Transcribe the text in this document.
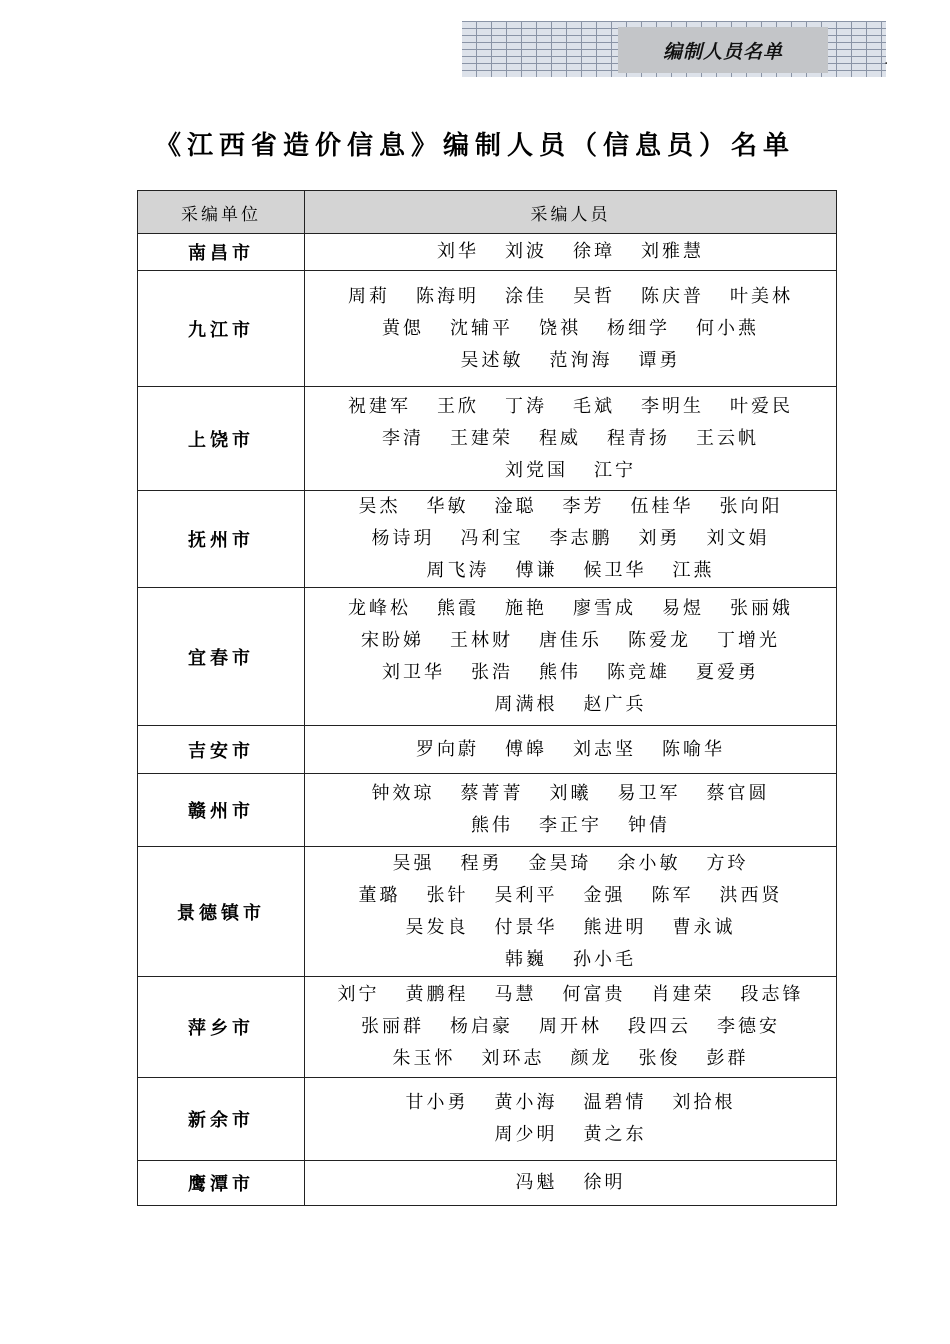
编制人员名单	.
《江西省造价信息》编制人员（信息员）名单
采编单位	采编人员
南昌市	刘华 刘波 徐璋 刘雅慧

九江市	周莉 陈海明 涂佳 吴哲 陈庆普 叶美林
黄偲 沈辅平 饶祺 杨细学 何小燕
吴述敏 范洵海 谭勇

上饶市	祝建军 王欣 丁涛 毛斌 李明生 叶爱民
李清 王建荣 程威 程青扬 王云帆
刘党国 江宁

抚州市	吴杰 华敏 淦聪 李芳 伍桂华 张向阳
杨诗玥 冯利宝 李志鹏 刘勇 刘文娟
周飞涛 傅谦 候卫华 江燕

宜春市	龙峰松 熊霞 施艳 廖雪成 易煜 张丽娥
宋盼娣 王林财 唐佳乐 陈爱龙 丁增光
刘卫华 张浩 熊伟 陈竞雄 夏爱勇
周满根 赵广兵

吉安市	罗向蔚 傅皞 刘志坚 陈喻华

赣州市	钟效琼 蔡菁菁 刘曦 易卫军 蔡官圆
熊伟 李正宇 钟倩

景德镇市	吴强 程勇 金昊琦 余小敏 方玲
董璐 张针 吴利平 金强 陈军 洪西贤
吴发良 付景华 熊进明 曹永诚
韩巍 孙小毛

萍乡市	刘宁 黄鹏程 马慧 何富贵 肖建荣 段志锋
张丽群 杨启豪 周开林 段四云 李德安
朱玉怀 刘环志 颜龙 张俊 彭群

新余市	甘小勇 黄小海 温碧情 刘拾根
周少明 黄之东

鹰潭市	冯魁 徐明
